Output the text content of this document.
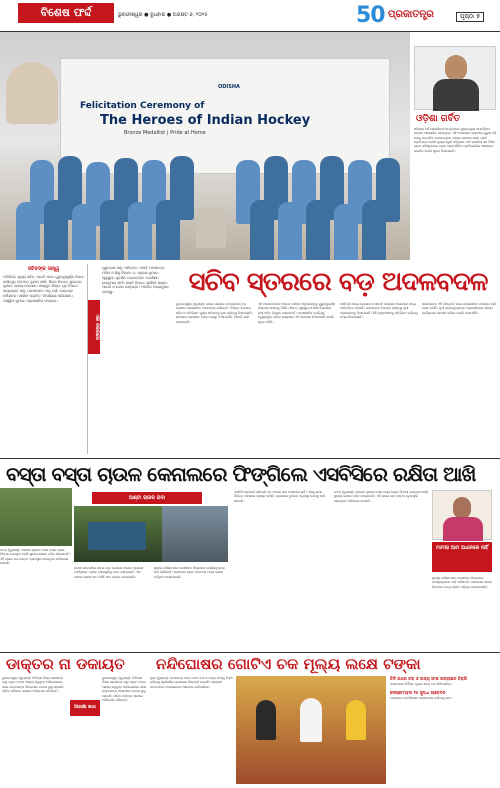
ବିଶେଷ ଫର୍ଦ୍ଦ	ଭୁବନେଶ୍ୱର ● ବୁଧବାର ● ଅଗଷ୍ଟ ୬, ୨୦୨୫	50 ପ୍ରଜାତନ୍ତ୍ର	ପୃଷ୍ଠା ୭
ODISHA
Felicitation Ceremony of
The Heroes of Indian Hockey
Bronze Medallist | Pride at Home
ଓଡ଼ିଶା ଗର୍ବିତ
ଓଡ଼ିଶାର ହକି ଖେଳାଳିଙ୍କ ସମ୍ମାନରେ ମୁଖ୍ୟମନ୍ତ୍ରୀ ସମ୍ବର୍ଦ୍ଧନା ଉତ୍ସବ ଆୟୋଜିତ ହୋଇଥିଲା। ଏହି ଅବସରରେ ଭାରତୀୟ ପୁରୁଷ ହକି ଦଳକୁ ସମ୍ମାନିତ କରାଯାଇଥିଲା। ରାଜ୍ୟ ସରକାର ଖେଳ ପ୍ରତି ପ୍ରତିବଦ୍ଧ ବୋଲି ମୁଖ୍ୟମନ୍ତ୍ରୀ କହିଥିଲେ। ହକି ଇଣ୍ଡିଆ ସହ ମିଳିତ ଭାବେ ଭବିଷ୍ୟତରେ ଅଧିକ ଆନ୍ତର୍ଜାତିକ ପ୍ରତିଯୋଗିତା ଆୟୋଜନ କରାଯିବ ବୋଲି ସୂଚନା ଦିଆଯାଇଛି।
ସଚିବଙ୍କ ସାନ୍ତ୍ୱ
ଅତିରିକ୍ତ ମୁଖ୍ୟ ସଚିବ, ଆଇଟି ପରେ ଗୁରୁତ୍ୱପୂର୍ଣ୍ଣ ବିଭାଗ ଦାୟିତ୍ୱ। ହେମନ୍ତ କୁମାର ଶର୍ମା: ଶିଳ୍ପ ବିଭାଗ। ସୁରେନ୍ଦ୍ର କୁମାର: ଖାଦ୍ୟ ଯୋଗାଣ। ଶାଶ୍ୱତ ମିଶ୍ର: ଗୃହ ବିଭାଗ। ସତ୍ୟବ୍ରତ ସାହୁ: ଜଳସମ୍ପଦ। ଅନୁ ଗର୍ଗ: ଉନ୍ନୟନ କମିଶନର। ଶାଳିନୀ ପଣ୍ଡିତ: ବିପର୍ଯ୍ୟୟ ପରିଚାଳନା। ଅଶ୍ୱିନୀ କୁମାର: ପ୍ରଶାସନିକ ସଂସ୍କାର।
ଏକ ନଜରରେ
ଗୁରୁଚରଣ ସାହୁ: ପରିବହନ। ଦୀପ୍ତି ମହାପାତ୍ର: ମହିଳା ଓ ଶିଶୁ ବିକାଶ। ଡ. ସଞ୍ଜୟ କୁମାର: ସ୍ୱାସ୍ଥ୍ୟ। ସୁଦର୍ଶନ ଚକ୍ରବର୍ତ୍ତୀ: ଉଚ୍ଚଶିକ୍ଷା। ରାଜକୁମାର ଶର୍ମା: ଶକ୍ତି ବିଭାଗ। ଶାଲିନୀ ପଣ୍ଡା: ଆବାସ ଓ ନଗର ଉନ୍ନୟନ। ଅରବିନ୍ଦ ଅଗ୍ରୱାଲ: ରାଜସ୍ୱ।	ସଚିବ ସ୍ତରରେ ବଡ଼ ଅଦଳବଦଳ
ଭୁବନେଶ୍ୱର (ବ୍ୟୁରୋ): ରାଜ୍ୟ ସରକାର ମଙ୍ଗଳବାର ବଡ଼ ଧରଣର ପ୍ରଶାସନିକ ଅଦଳବଦଳ କରିଛନ୍ତି। ବିଭିନ୍ନ ବିଭାଗର ସଚିବ ଓ ଅତିରିକ୍ତ ମୁଖ୍ୟ ସଚିବଙ୍କୁ ନୂଆ ଦାୟିତ୍ୱ ଦିଆଯାଇଛି। ସାଧାରଣ ପ୍ରଶାସନ ବିଭାଗ ପକ୍ଷରୁ ଏ ସମ୍ପର୍କିତ ବିଜ୍ଞପ୍ତି ଜାରି କରାଯାଇଛି।
ଏହି ଅଦଳବଦଳରେ ଅନେକ ବରିଷ୍ଠ ଅଧିକାରୀଙ୍କୁ ଗୁରୁତ୍ୱପୂର୍ଣ୍ଣ ବିଭାଗର ଦାୟିତ୍ୱ ମିଳିଛି। ଶିଳ୍ପ, ସ୍ୱାସ୍ଥ୍ୟ ଓ ଶିକ୍ଷା ବିଭାଗରେ ନୂଆ ସଚିବ ନିଯୁକ୍ତ ହୋଇଛନ୍ତି। ପ୍ରଶାସନିକ କାର୍ଯ୍ୟକୁ ତ୍ୱରାନ୍ୱିତ କରିବା ଲକ୍ଷ୍ୟରେ ଏହି ପଦକ୍ଷେପ ନିଆଯାଇଛି ବୋଲି ସୂତ୍ର କହିଛି।
ସେହିପରି ଖାଦ୍ୟ ଯୋଗାଣ ଓ ଖାଉଟି କଲ୍ୟାଣ ବିଭାଗରେ ମଧ୍ୟ ପରିବର୍ତ୍ତନ ହୋଇଛି। ଜଳସମ୍ପଦ ବିଭାଗର ଦାୟିତ୍ୱ ନୂଆ ଅଧିକାରୀଙ୍କୁ ଦିଆଯାଇଛି। କିଛି ଅଧିକାରୀଙ୍କୁ ଅତିରିକ୍ତ ଦାୟିତ୍ୱ ମଧ୍ୟ ଦିଆଯାଇଛି।
ସରକାରଙ୍କ ଏହି ନିଷ୍ପତ୍ତି ପରେ ପ୍ରଶାସନିକ ମହଲରେ ଚର୍ଚ୍ଚା ଜୋର ଧରିଛି। ନୂଆ ଦାୟିତ୍ୱପ୍ରାପ୍ତ ଅଧିକାରୀମାନେ ଶୀଘ୍ର କାର୍ଯ୍ୟଭାର ଗ୍ରହଣ କରିବେ ବୋଲି ଜଣାପଡ଼ିଛି।
ବସ୍ତା ବସ୍ତା ଚାଉଳ କେନାଲରେ ଫିଙ୍ଗିଲେ ଏସବିସିରେ ରକ୍ଷିତା ଆଖି
କଟକ (ବ୍ୟୁରୋ): କେନାଲ କୂଳରେ ବସ୍ତା ବସ୍ତା ଚାଉଳ ଫିଙ୍ଗା ଯାଇଥିବା ଦେଖି ସ୍ଥାନୀୟ ଲୋକେ ଚକିତ ହୋଇଛନ୍ତି। ଏହି ଚାଉଳ ଗଣ ବଣ୍ଟନ ବ୍ୟବସ୍ଥାର ହୋଇଥିବା ଅଭିଯୋଗ ହୋଇଛି।
ଅଣ୍ଟା ଚାଉଳ ଗଦା
ଘଟଣା ସମ୍ପର୍କରେ ଖବର ପାଇ ଯୋଗାଣ ବିଭାଗ ଅଧିକାରୀ ପହଞ୍ଚିଥିଲେ। ଚାଉଳ ବସ୍ତାଗୁଡ଼ିକୁ ଜବତ କରାଯାଇଛି। ଏହା ପଛରେ କାହାର ହାତ ରହିଛି ତାହା ତଦନ୍ତ କରାଯାଉଛି।
ସ୍ଥାନୀୟ ବାସିନ୍ଦାମାନେ ଦୋଷୀଙ୍କ ବିରୋଧରେ କାର୍ଯ୍ୟାନୁଷ୍ଠାନ ଦାବି କରିଛନ୍ତି। ରେଳବାଇ ଲାଇନ ନିକଟରେ ମଧ୍ୟ ଚାଉଳ ପଡ଼ିଥିବା ଦେଖାଯାଇଛି।
ଏସବିସି ଅଧିକାରୀ କହିଛନ୍ତି ଯେ ମାମଲା ଆମ ଅଧୀନରେ ନାହିଁ। ଏହାକୁ ନେଇ ବିଭିନ୍ନ ମହଲରେ ପ୍ରଶ୍ନ ଉଠିଛି। ପ୍ରଶାସନ ତୁରନ୍ତ ବ୍ୟବସ୍ଥା ନେବାକୁ ଦାବି ହୋଇଛି।
କଟକ (ବ୍ୟୁରୋ): କେନାଲ କୂଳରେ ବସ୍ତା ବସ୍ତା ଚାଉଳ ଫିଙ୍ଗା ଯାଇଥିବା ଦେଖି ସ୍ଥାନୀୟ ଲୋକେ ଚକିତ ହୋଇଛନ୍ତି। ଏହି ଚାଉଳ ଗଣ ବଣ୍ଟନ ବ୍ୟବସ୍ଥାର ହୋଇଥିବା ଅଭିଯୋଗ ହୋଇଛି।
ମାମଲା ଆମ ଅଧୀନରେ ନାହିଁ
ସ୍ଥାନୀୟ ବାସିନ୍ଦାମାନେ ଦୋଷୀଙ୍କ ବିରୋଧରେ କାର୍ଯ୍ୟାନୁଷ୍ଠାନ ଦାବି କରିଛନ୍ତି। ରେଳବାଇ ଲାଇନ ନିକଟରେ ମଧ୍ୟ ଚାଉଳ ପଡ଼ିଥିବା ଦେଖାଯାଇଛି।
ଡାକ୍ତର ନା ଡକାୟତ
ଭୁବନେଶ୍ୱର (ବ୍ୟୁରୋ): ଚିକିତ୍ସା ନାଁରେ ରୋଗୀଙ୍କ ଠାରୁ ଅଧିକ ଟଙ୍କା ଆଦାୟ କରୁଥିବା ଅଭିଯୋଗରେ ଜଣେ ଡାକ୍ତରଙ୍କ ବିରୋଧରେ ମାମଲା ରୁଜୁ ହୋଇଛି। ପୀଡ଼ିତ ପରିବାର ଥାନାରେ ଅଭିଯୋଗ କରିଛନ୍ତି।
ଆରକ୍ଷୀ କଥା
ଭୁବନେଶ୍ୱର (ବ୍ୟୁରୋ): ଚିକିତ୍ସା ନାଁରେ ରୋଗୀଙ୍କ ଠାରୁ ଅଧିକ ଟଙ୍କା ଆଦାୟ କରୁଥିବା ଅଭିଯୋଗରେ ଜଣେ ଡାକ୍ତରଙ୍କ ବିରୋଧରେ ମାମଲା ରୁଜୁ ହୋଇଛି। ପୀଡ଼ିତ ପରିବାର ଥାନାରେ ଅଭିଯୋଗ କରିଛନ୍ତି।
ନନ୍ଦିଘୋଷର ଗୋଟିଏ ଚକ ମୂଲ୍ୟ ଲକ୍ଷେ ଟଙ୍କା
ପୁରୀ (ବ୍ୟୁରୋ): ରଥଯାତ୍ରା ପରେ ରଥର ଚକ ଓ ଅନ୍ୟ ଅଂଶକୁ ବିକ୍ରି କରିବାକୁ ଶ୍ରୀମନ୍ଦିର ପ୍ରଶାସନ ନିଷ୍ପତ୍ତି ନେଇଛି। ଆଗ୍ରହୀ ଭକ୍ତମାନେ ଅନଲାଇନରେ ଆବେଦନ କରିପାରିବେ।
ତିନି ରଥର ଚକ ଓ ଅନ୍ୟ ଅଂଶ ଅନ୍‌ଲାଇନ ବିକ୍ରି
ଭକ୍ତମାନେ ନିର୍ଦ୍ଦିଷ୍ଟ ମୂଲ୍ୟ ଦେଇ ଚକ କିଣିପାରିବେ।
ସେପ୍ଟେମ୍ବର ୧୫ ସୁଦ୍ଧା ଆବେଦନ
ଅନଲାଇନ ପୋର୍ଟାଲରେ ପଞ୍ଜୀକରଣ କରିବାକୁ ହେବ।
